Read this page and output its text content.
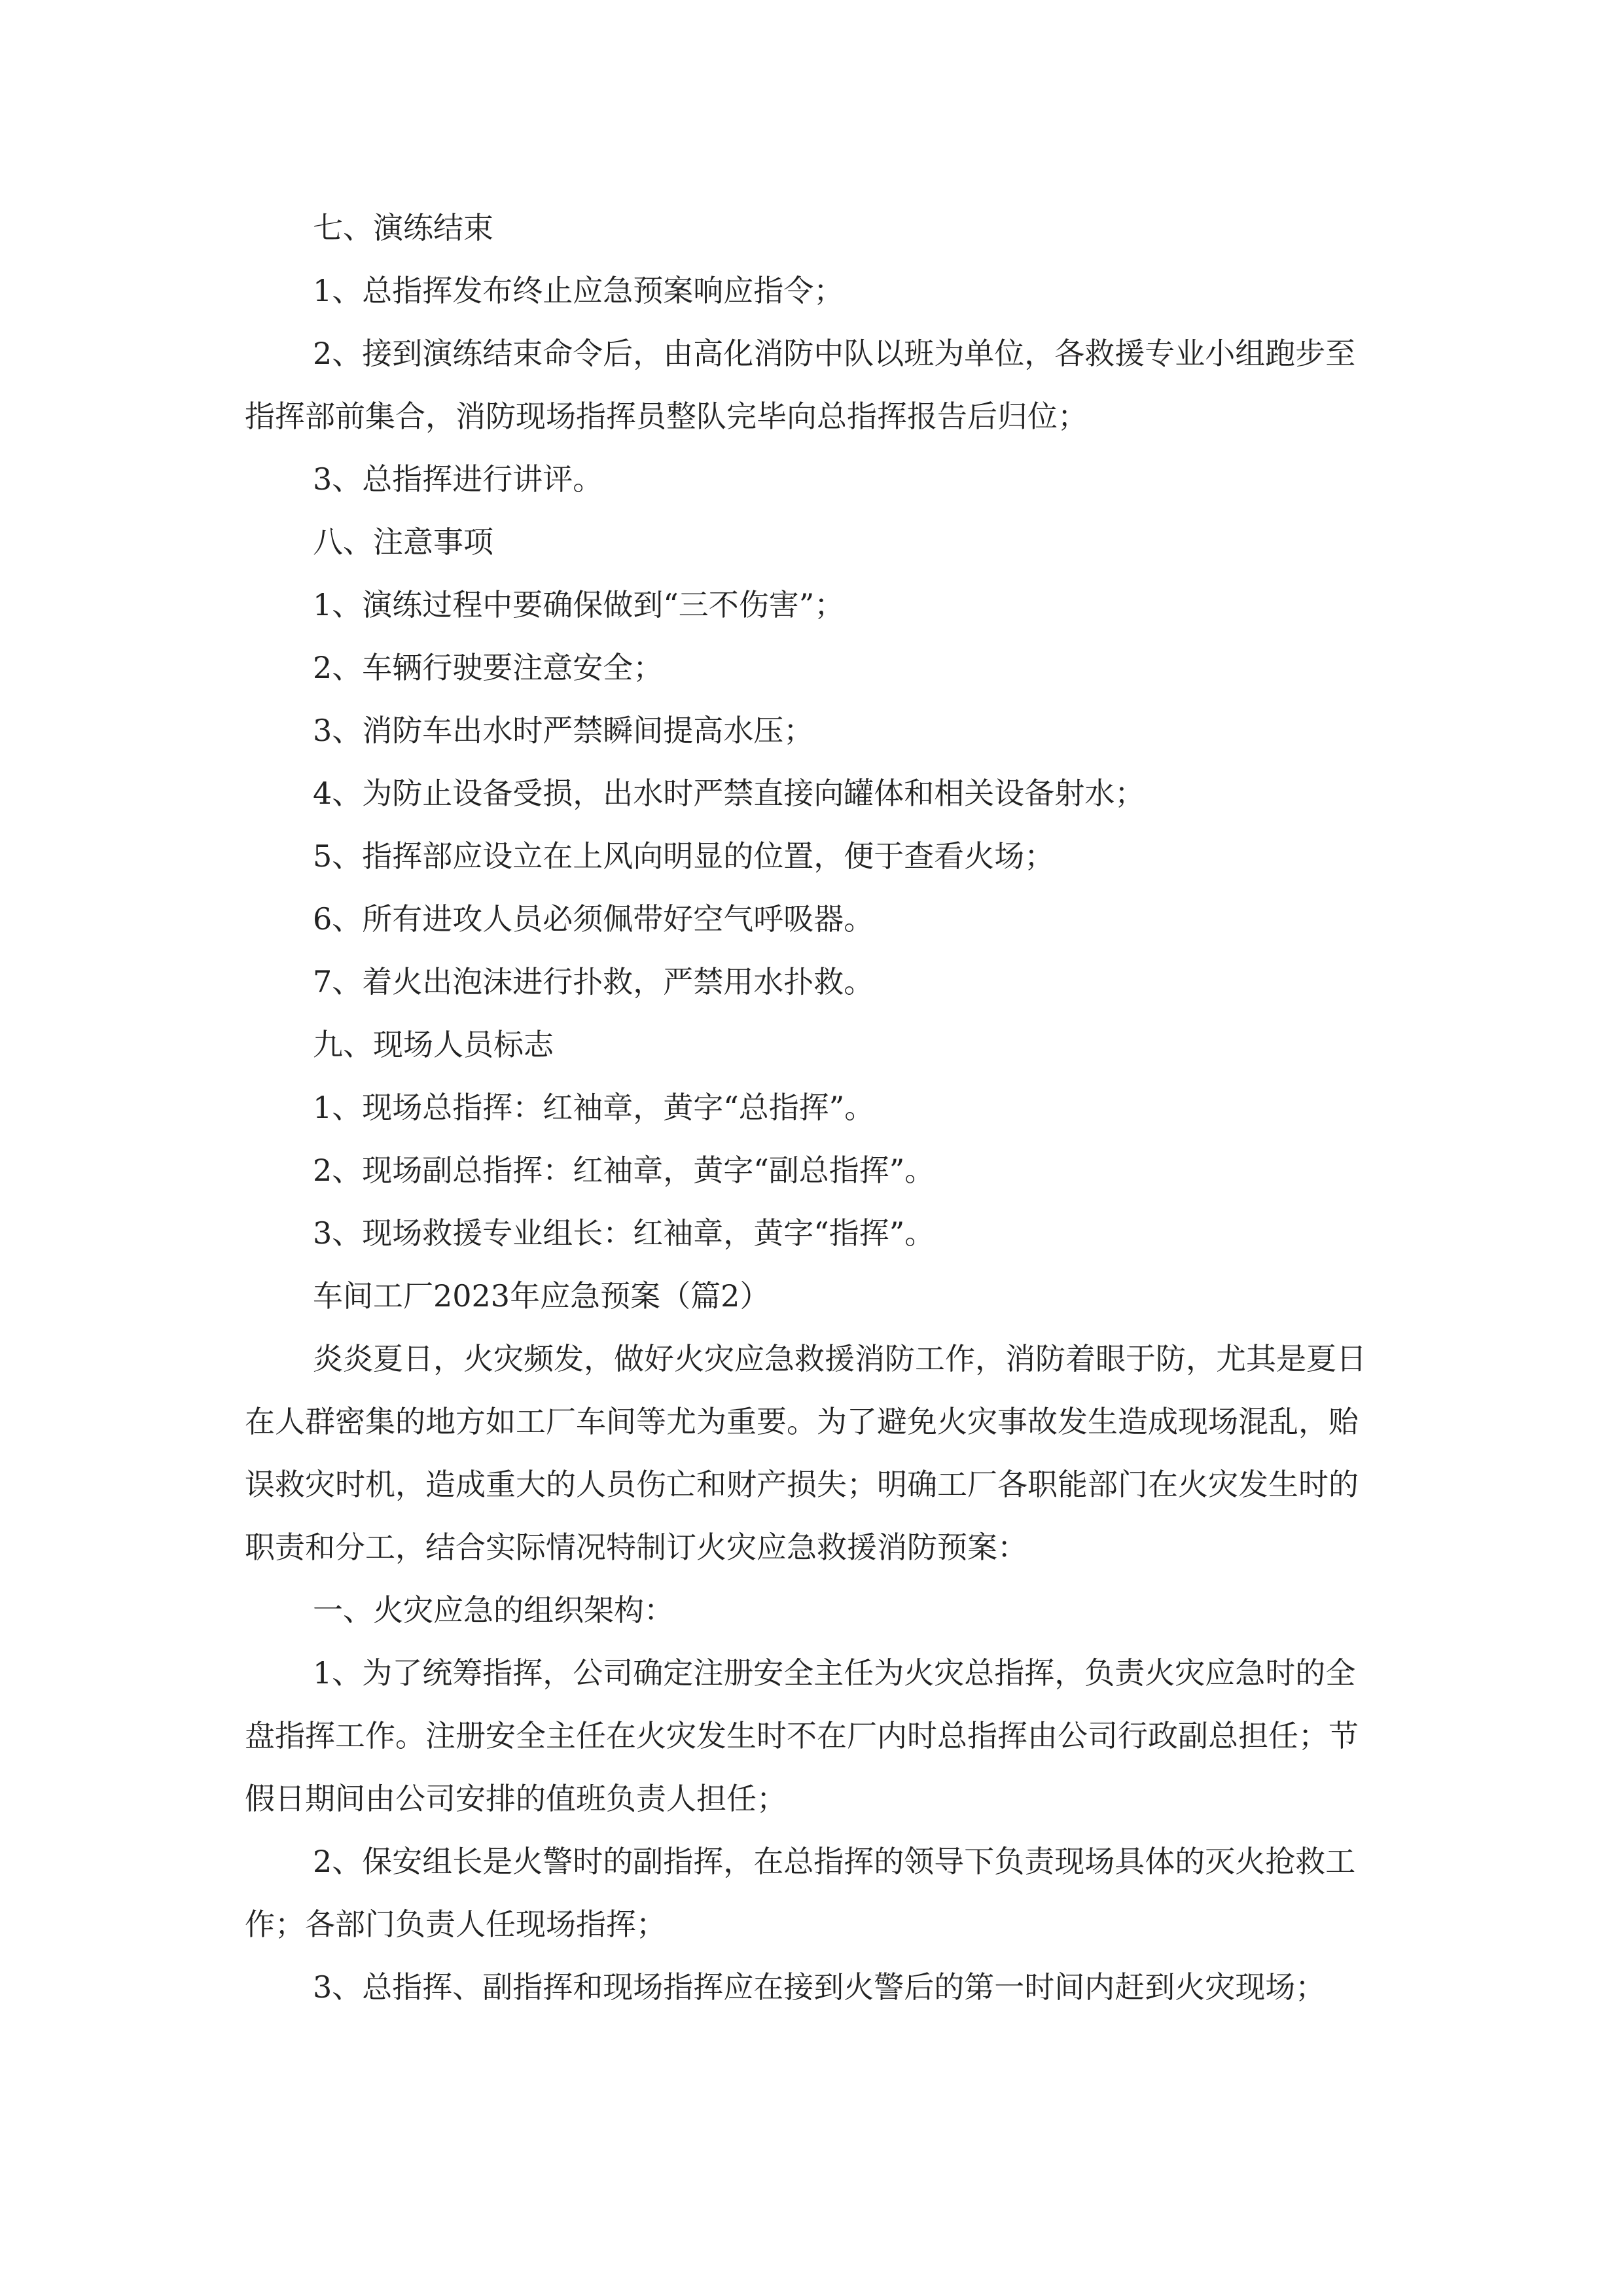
七、演练结束

1、总指挥发布终止应急预案响应指令；

2、接到演练结束命令后，由高化消防中队以班为单位，各救援专业小组跑步至指挥部前集合，消防现场指挥员整队完毕向总指挥报告后归位；

3、总指挥进行讲评。

八、注意事项

1、演练过程中要确保做到“三不伤害”；

2、车辆行驶要注意安全；

3、消防车出水时严禁瞬间提高水压；

4、为防止设备受损，出水时严禁直接向罐体和相关设备射水；

5、指挥部应设立在上风向明显的位置，便于查看火场；

6、所有进攻人员必须佩带好空气呼吸器。

7、着火出泡沫进行扑救，严禁用水扑救。

九、现场人员标志

1、现场总指挥：红袖章，黄字“总指挥”。

2、现场副总指挥：红袖章，黄字“副总指挥”。

3、现场救援专业组长：红袖章，黄字“指挥”。

车间工厂2023年应急预案（篇2）

炎炎夏日，火灾频发，做好火灾应急救援消防工作，消防着眼于防，尤其是夏日在人群密集的地方如工厂车间等尤为重要。为了避免火灾事故发生造成现场混乱，贻误救灾时机，造成重大的人员伤亡和财产损失；明确工厂各职能部门在火灾发生时的职责和分工，结合实际情况特制订火灾应急救援消防预案：

一、火灾应急的组织架构：

1、为了统筹指挥，公司确定注册安全主任为火灾总指挥，负责火灾应急时的全盘指挥工作。注册安全主任在火灾发生时不在厂内时总指挥由公司行政副总担任；节假日期间由公司安排的值班负责人担任；

2、保安组长是火警时的副指挥，在总指挥的领导下负责现场具体的灭火抢救工作；各部门负责人任现场指挥；

3、总指挥、副指挥和现场指挥应在接到火警后的第一时间内赶到火灾现场；
